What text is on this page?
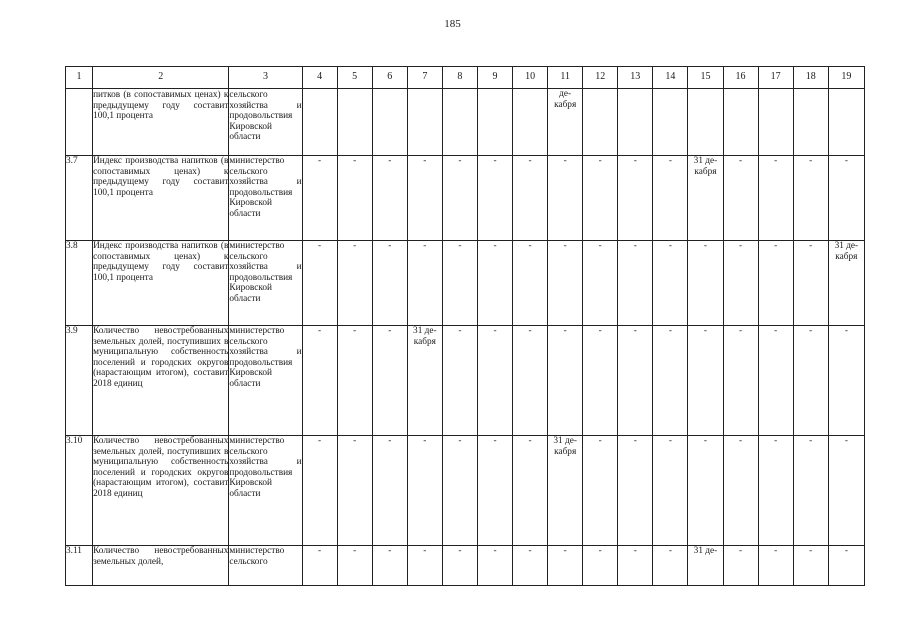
185
1	2	3	4	5	6	7	8	9	10	11	12	13	14	15	16	17	18	19
	питков (в сопоставимых ценах) к предыдущему году составит 100,1 процента	сельского хозяйства и продовольствия Кировской области								дe-кабря								
3.7	Индекс производства напитков (в сопоставимых ценах) к предыдущему году составит 100,1 процента	министерство сельского хозяйства и продовольствия Кировской области	-	-	-	-	-	-	-	-	-	-	-	31 де-кабря	-	-	-	-
3.8	Индекс производства напитков (в сопоставимых ценах) к предыдущему году составит 100,1 процента	министерство сельского хозяйства и продовольствия Кировской области	-	-	-	-	-	-	-	-	-	-	-	-	-	-	-	31 де-кабря
3.9	Количество невостребованных земельных долей, поступивших в муниципальную собственность поселений и городских округов (нарастающим итогом), составит 2018 единиц	министерство сельского хозяйства и продовольствия Кировской области	-	-	-	31 де-кабря	-	-	-	-	-	-	-	-	-	-	-	-
3.10	Количество невостребованных земельных долей, поступивших в муниципальную собственность поселений и городских округов (нарастающим итогом), составит 2018 единиц	министерство сельского хозяйства и продовольствия Кировской области	-	-	-	-	-	-	-	31 де-кабря	-	-	-	-	-	-	-	-
3.11	Количество невостребованных земельных долей,	министерство сельского	-	-	-	-	-	-	-	-	-	-	-	31 де-	-	-	-	-
